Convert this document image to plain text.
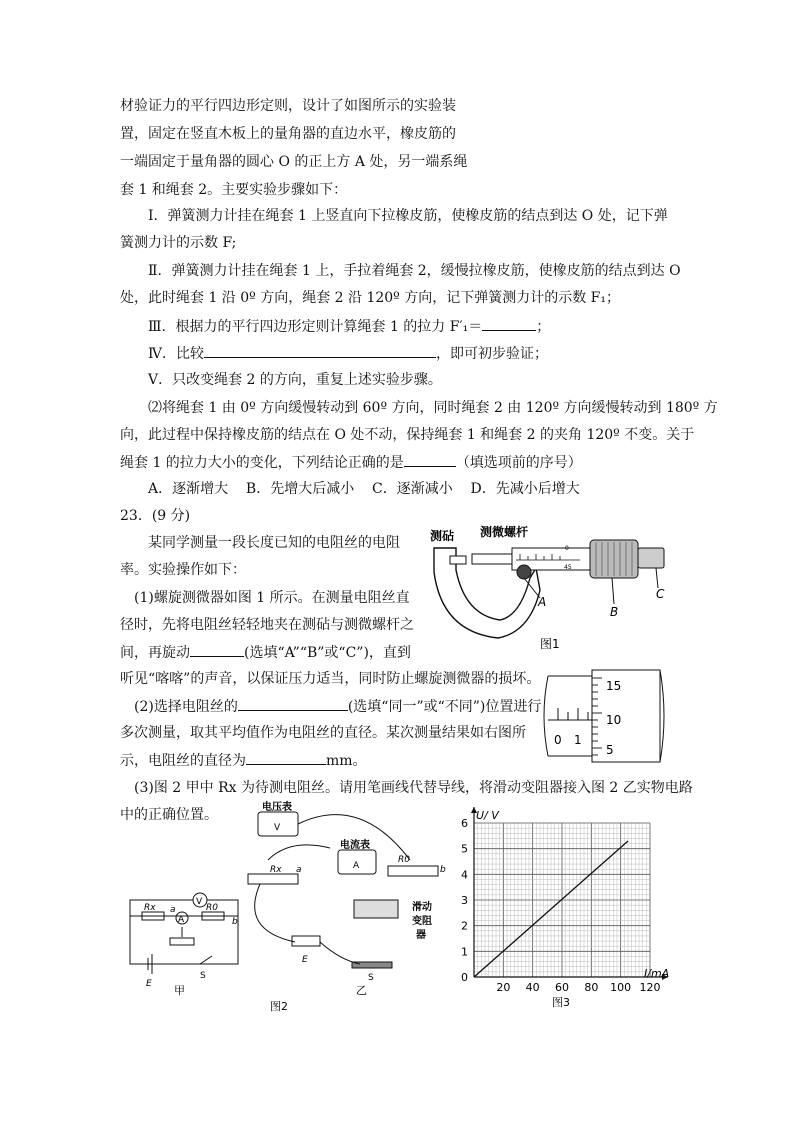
材验证力的平行四边形定则，设计了如图所示的实验装
置，固定在竖直木板上的量角器的直边水平，橡皮筋的
一端固定于量角器的圆心 O 的正上方 A 处，另一端系绳
套 1 和绳套 2。主要实验步骤如下：
Ⅰ．弹簧测力计挂在绳套 1 上竖直向下拉橡皮筋，使橡皮筋的结点到达 O 处，记下弹
簧测力计的示数 F;
Ⅱ．弹簧测力计挂在绳套 1 上，手拉着绳套 2，缓慢拉橡皮筋，使橡皮筋的结点到达 O
处，此时绳套 1 沿 0º 方向，绳套 2 沿 120º 方向，记下弹簧测力计的示数 F₁；
Ⅲ．根据力的平行四边形定则计算绳套 1 的拉力 F′₁＝	；
Ⅳ．比较	，即可初步验证；
Ⅴ．只改变绳套 2 的方向，重复上述实验步骤。
⑵将绳套 1 由 0º 方向缓慢转动到 60º 方向，同时绳套 2 由 120º 方向缓慢转动到 180º 方
向，此过程中保持橡皮筋的结点在 O 处不动，保持绳套 1 和绳套 2 的夹角 120º 不变。关于
绳套 1 的拉力大小的变化，下列结论正确的是	（填选项前的序号）
A．逐渐增大    B．先增大后减小    C．逐渐减小    D．先减小后增大
23．(9 分)
某同学测量一段长度已知的电阻丝的电阻
率。实验操作如下：
(1)螺旋测微器如图 1 所示。在测量电阻丝直
径时，先将电阻丝轻轻地夹在测砧与测微螺杆之
间，再旋动	(选填“A”“B”或“C”)，直到
听见“喀喀”的声音，以保证压力适当，同时防止螺旋测微器的损坏。
(2)选择电阻丝的	(选填“同一”或“不同”)位置进行
多次测量，取其平均值作为电阻丝的直径。某次测量结果如右图所
示，电阻丝的直径为	mm。
(3)图 2 甲中 Rx 为待测电阻丝。请用笔画线代替导线，将滑动变阻器接入图 2 乙实物电路
中的正确位置。
0
45
测砧 测微螺杆
A
B
C
图1
0 1
15
10
5
V
A
Rx	R0
a
b
E
S
甲
电压表
V
电流表
A
Rx a
R0
b
滑动
变阻
器
E
S
乙
图2
20 40 60 80 100 120
0
1
2
3
4
5
6
U/ V
I/mA
图3
